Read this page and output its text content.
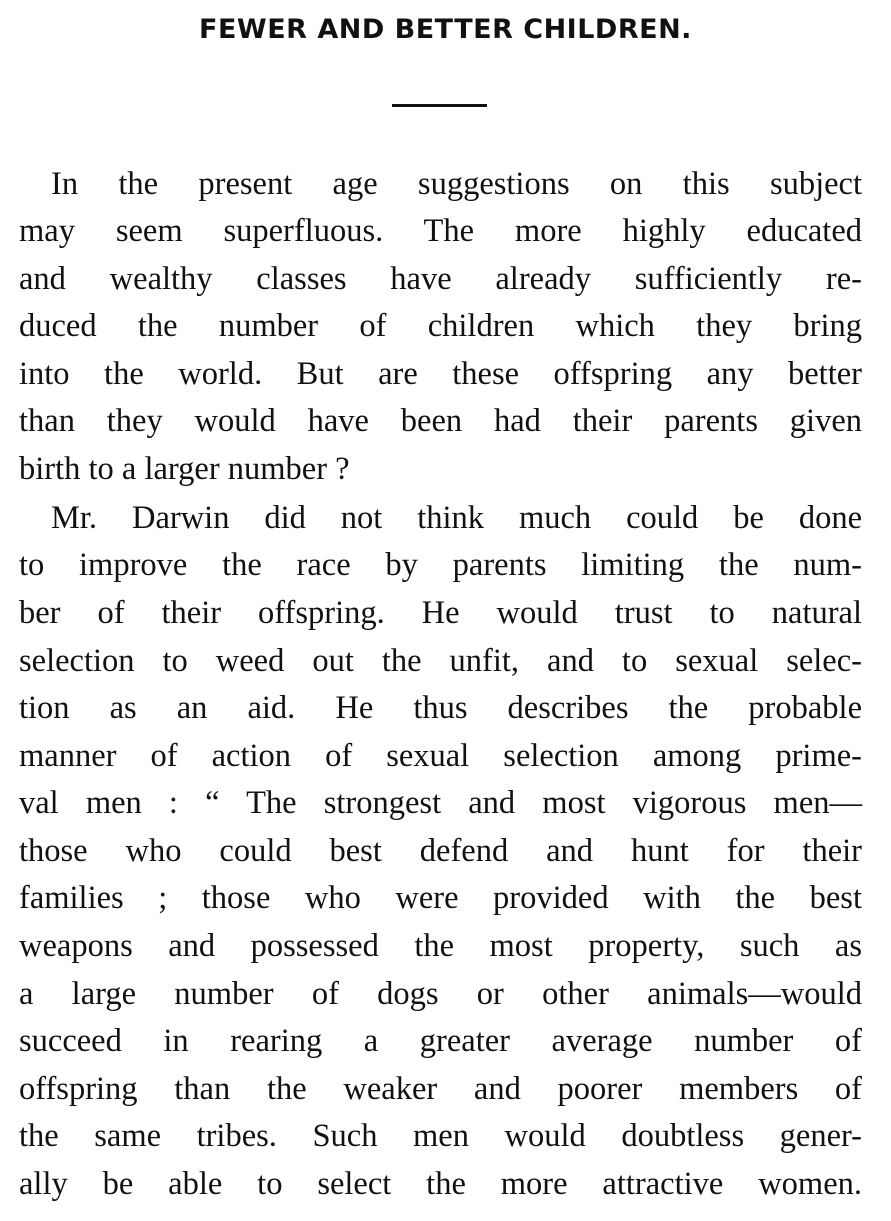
FEWER AND BETTER CHILDREN.
In the present age suggestions on this subject
may seem superfluous. The more highly educated
and wealthy classes have already sufficiently re-
duced the number of children which they bring
into the world. But are these offspring any better
than they would have been had their parents given
birth to a larger number ?
Mr. Darwin did not think much could be done
to improve the race by parents limiting the num-
ber of their offspring. He would trust to natural
selection to weed out the unfit, and to sexual selec-
tion as an aid. He thus describes the probable
manner of action of sexual selection among prime-
val men : “ The strongest and most vigorous men—
those who could best defend and hunt for their
families ; those who were provided with the best
weapons and possessed the most property, such as
a large number of dogs or other animals—would
succeed in rearing a greater average number of
offspring than the weaker and poorer members of
the same tribes. Such men would doubtless gener-
ally be able to select the more attractive women.
